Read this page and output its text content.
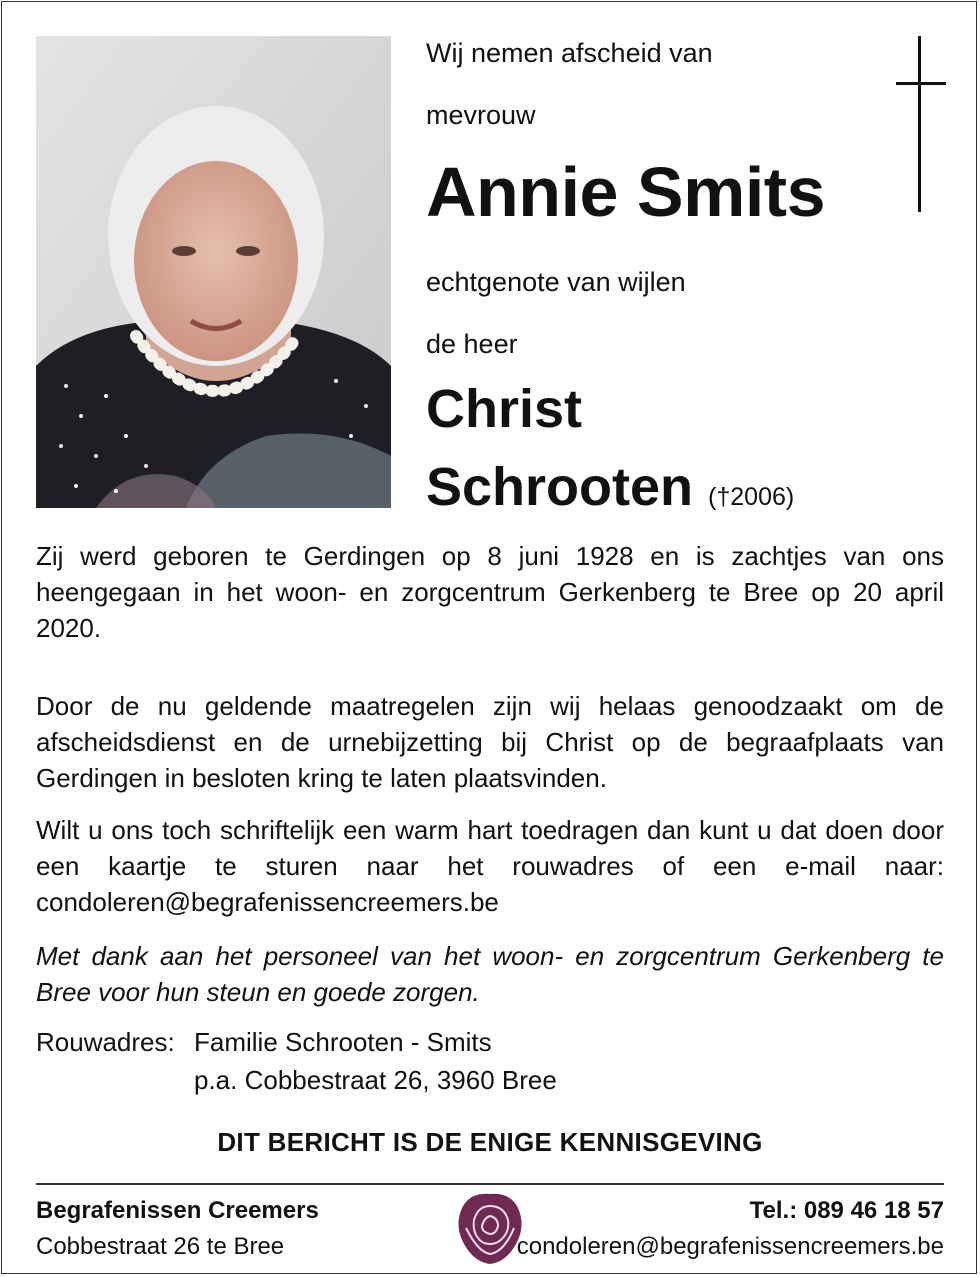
Wij nemen afscheid van
mevrouw
Annie Smits
echtgenote van wijlen
de heer
Christ
Schrooten (†2006)

Zij werd geboren te Gerdingen op 8 juni 1928 en is zachtjes van ons heengegaan in het woon- en zorgcentrum Gerkenberg te Bree op 20 april 2020.

Door de nu geldende maatregelen zijn wij helaas genoodzaakt om de afscheidsdienst en de urnebijzetting bij Christ op de begraafplaats van Gerdingen in besloten kring te laten plaatsvinden.

Wilt u ons toch schriftelijk een warm hart toedragen dan kunt u dat doen door een kaartje te sturen naar het rouwadres of een e-mail naar: condoleren@begrafenissencreemers.be

Met dank aan het personeel van het woon- en zorgcentrum Gerkenberg te Bree voor hun steun en goede zorgen.

Rouwadres: Familie Schrooten - Smits
p.a. Cobbestraat 26, 3960 Bree
DIT BERICHT IS DE ENIGE KENNISGEVING
Begrafenissen Creemers
Cobbestraat 26 te Bree
Tel.: 089 46 18 57
condoleren@begrafenissencreemers.be
